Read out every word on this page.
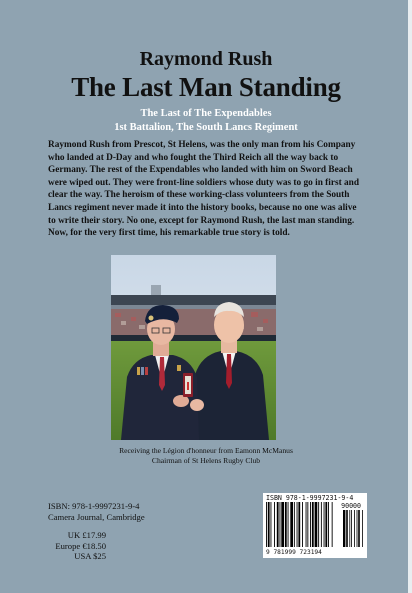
Raymond Rush
The Last Man Standing
The Last of The Expendables
1st Battalion, The South Lancs Regiment
Raymond Rush from Prescot, St Helens, was the only man from his Company who landed at D-Day and who fought the Third Reich all the way back to Germany. The rest of the Expendables who landed with him on Sword Beach were wiped out. They were front-line soldiers whose duty was to go in first and clear the way. The heroism of these working-class volunteers from the South Lancs regiment never made it into the history books, because no one was alive to write their story. No one, except for Raymond Rush, the last man standing. Now, for the very first time, his remarkable true story is told.
Receiving the Légion d'honneur from Eamonn McManus
Chairman of St Helens Rugby Club
ISBN: 978-1-9997231-9-4
Camera Journal, Cambridge
UK £17.99
Europe €18.50
USA $25
ISBN 978-1-9997231-9-4
90000
9 781999 723194
